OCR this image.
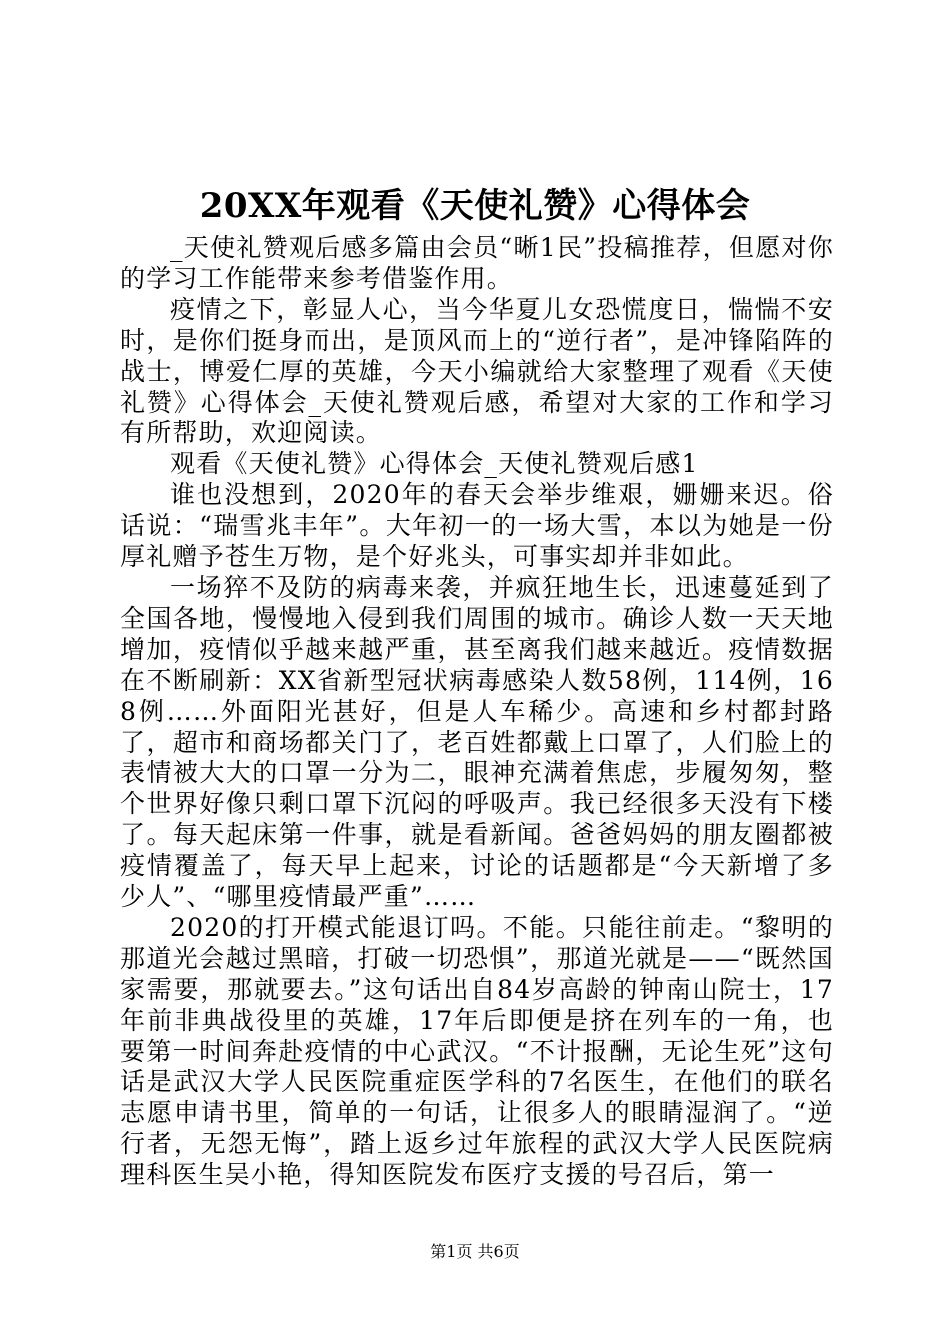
20XX年观看《天使礼赞》心得体会

_天使礼赞观后感多篇由会员“晰1民”投稿推荐，但愿对你的学习工作能带来参考借鉴作用。

疫情之下，彰显人心，当今华夏儿女恐慌度日，惴惴不安时，是你们挺身而出，是顶风而上的“逆行者”，是冲锋陷阵的战士，博爱仁厚的英雄，今天小编就给大家整理了观看《天使礼赞》心得体会_天使礼赞观后感，希望对大家的工作和学习有所帮助，欢迎阅读。

观看《天使礼赞》心得体会_天使礼赞观后感1

谁也没想到，2020年的春天会举步维艰，姗姗来迟。俗话说：“瑞雪兆丰年”。大年初一的一场大雪，本以为她是一份厚礼赠予苍生万物，是个好兆头，可事实却并非如此。

一场猝不及防的病毒来袭，并疯狂地生长，迅速蔓延到了全国各地，慢慢地入侵到我们周围的城市。确诊人数一天天地增加，疫情似乎越来越严重，甚至离我们越来越近。疫情数据在不断刷新：XX省新型冠状病毒感染人数58例，114例，168例……外面阳光甚好，但是人车稀少。高速和乡村都封路了，超市和商场都关门了，老百姓都戴上口罩了，人们脸上的表情被大大的口罩一分为二，眼神充满着焦虑，步履匆匆，整个世界好像只剩口罩下沉闷的呼吸声。我已经很多天没有下楼了。每天起床第一件事，就是看新闻。爸爸妈妈的朋友圈都被疫情覆盖了，每天早上起来，讨论的话题都是“今天新增了多少人”、“哪里疫情最严重”……

2020的打开模式能退订吗。不能。只能往前走。“黎明的那道光会越过黑暗，打破一切恐惧”，那道光就是——“既然国家需要，那就要去。”这句话出自84岁高龄的钟南山院士，17年前非典战役里的英雄，17年后即便是挤在列车的一角，也要第一时间奔赴疫情的中心武汉。“不计报酬，无论生死”这句话是武汉大学人民医院重症医学科的7名医生，在他们的联名志愿申请书里，简单的一句话，让很多人的眼睛湿润了。“逆行者，无怨无悔”，踏上返乡过年旅程的武汉大学人民医院病理科医生吴小艳，得知医院发布医疗支援的号召后，第一

第1页 共6页
